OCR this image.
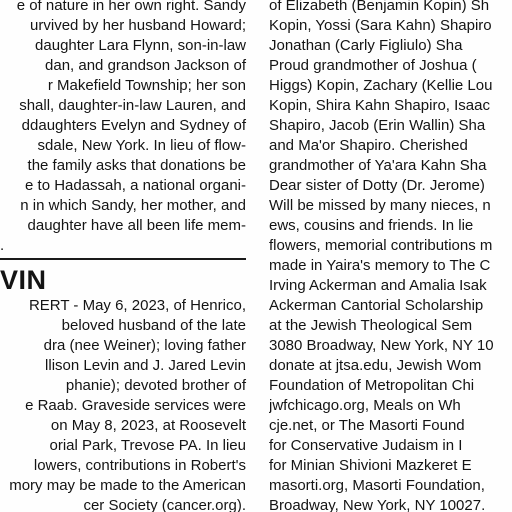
e of nature in her own right. Sandy
urvived by her husband Howard;
daughter Lara Flynn, son-in-law
dan, and grandson Jackson of
r Makefield Township; her son
shall, daughter-in-law Lauren, and
ddaughters Evelyn and Sydney of
sdale, New York. In lieu of flow-
the family asks that donations be
e to Hadassah, a national organi-
n in which Sandy, her mother, and
daughter have all been life mem-
.
VIN
RERT - May 6, 2023, of Henrico,
beloved husband of the late
dra (nee Weiner); loving father
llison Levin and J. Jared Levin
phanie); devoted brother of
e Raab. Graveside services were
on May 8, 2023, at Roosevelt
orial Park, Trevose PA. In lieu
lowers, contributions in Robert's
mory may be made to the American
cer Society (cancer.org).
of Elizabeth (Benjamin Kopin) Sh
Kopin, Yossi (Sara Kahn) Shapiro
Jonathan (Carly Figliulo) Sha
Proud grandmother of Joshua (
Higgs) Kopin, Zachary (Kellie Lou
Kopin, Shira Kahn Shapiro, Isaac
Shapiro, Jacob (Erin Wallin) Sha
and Ma'or Shapiro. Cherished
grandmother of Ya'ara Kahn Sha
Dear sister of Dotty (Dr. Jerome)
Will be missed by many nieces, n
ews, cousins and friends. In lie
flowers, memorial contributions m
made in Yaira's memory to The C
Irving Ackerman and Amalia Isak
Ackerman Cantorial Scholarship
at the Jewish Theological Sem
3080 Broadway, New York, NY 10
donate at jtsa.edu, Jewish Wom
Foundation of Metropolitan Chi
jwfchicago.org, Meals on Wh
cje.net, or The Masorti Found
for Conservative Judaism in I
for Minian Shivioni Mazkeret E
masorti.org, Masorti Foundation,
Broadway, New York, NY 10027.
